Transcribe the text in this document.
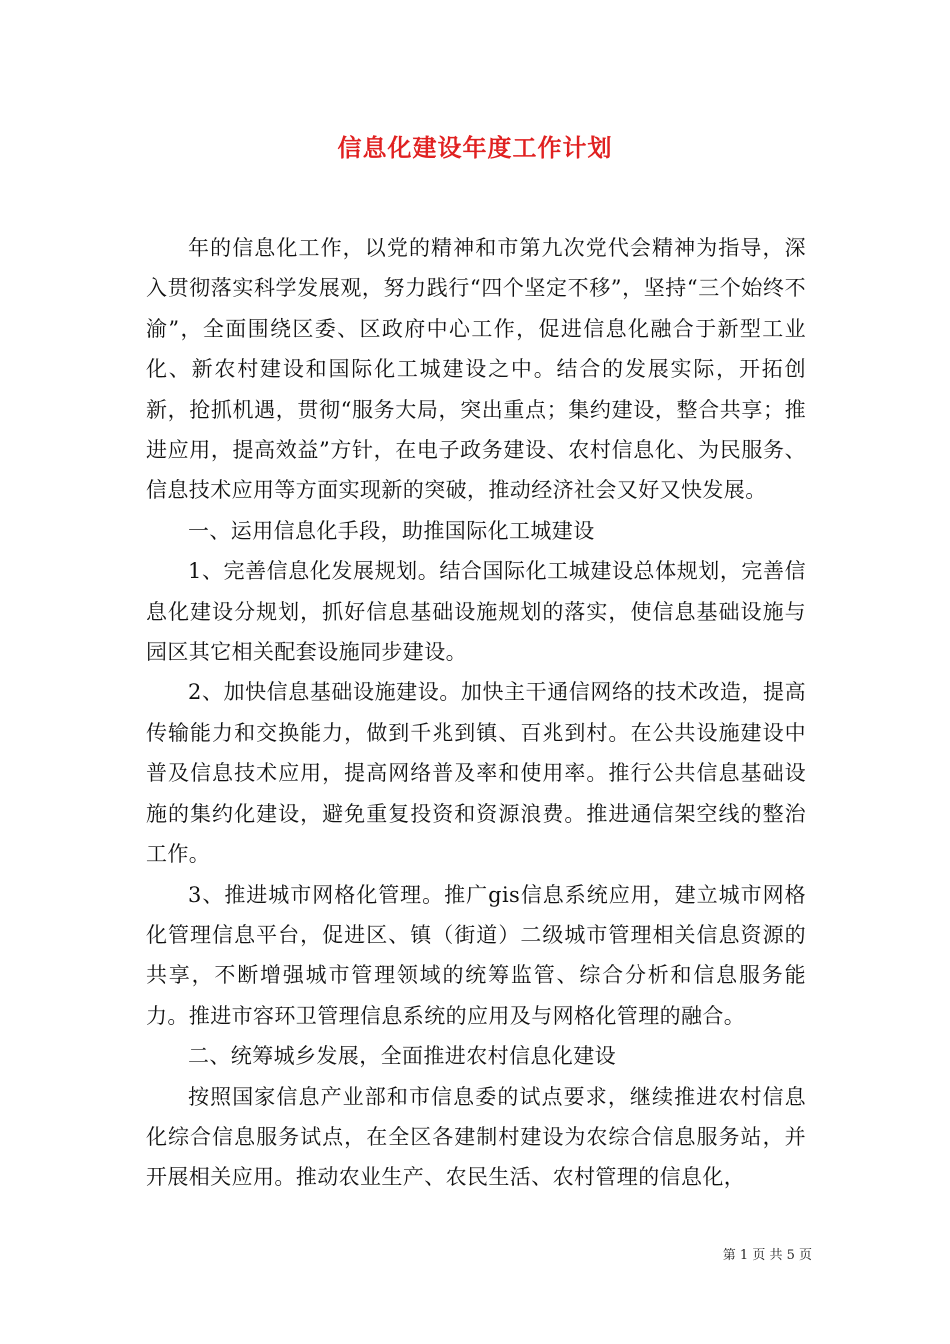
信息化建设年度工作计划

年的信息化工作，以党的精神和市第九次党代会精神为指导，深入贯彻落实科学发展观，努力践行“四个坚定不移”，坚持“三个始终不渝”，全面围绕区委、区政府中心工作，促进信息化融合于新型工业化、新农村建设和国际化工城建设之中。结合的发展实际，开拓创新，抢抓机遇，贯彻“服务大局，突出重点；集约建设，整合共享；推进应用，提高效益”方针，在电子政务建设、农村信息化、为民服务、信息技术应用等方面实现新的突破，推动经济社会又好又快发展。

一、运用信息化手段，助推国际化工城建设

1、完善信息化发展规划。结合国际化工城建设总体规划，完善信息化建设分规划，抓好信息基础设施规划的落实，使信息基础设施与园区其它相关配套设施同步建设。

2、加快信息基础设施建设。加快主干通信网络的技术改造，提高传输能力和交换能力，做到千兆到镇、百兆到村。在公共设施建设中普及信息技术应用，提高网络普及率和使用率。推行公共信息基础设施的集约化建设，避免重复投资和资源浪费。推进通信架空线的整治工作。

3、推进城市网格化管理。推广gis信息系统应用，建立城市网格化管理信息平台，促进区、镇（街道）二级城市管理相关信息资源的共享，不断增强城市管理领域的统筹监管、综合分析和信息服务能力。推进市容环卫管理信息系统的应用及与网格化管理的融合。

二、统筹城乡发展，全面推进农村信息化建设

按照国家信息产业部和市信息委的试点要求，继续推进农村信息化综合信息服务试点，在全区各建制村建设为农综合信息服务站，并开展相关应用。推动农业生产、农民生活、农村管理的信息化，

第 1 页 共 5 页
